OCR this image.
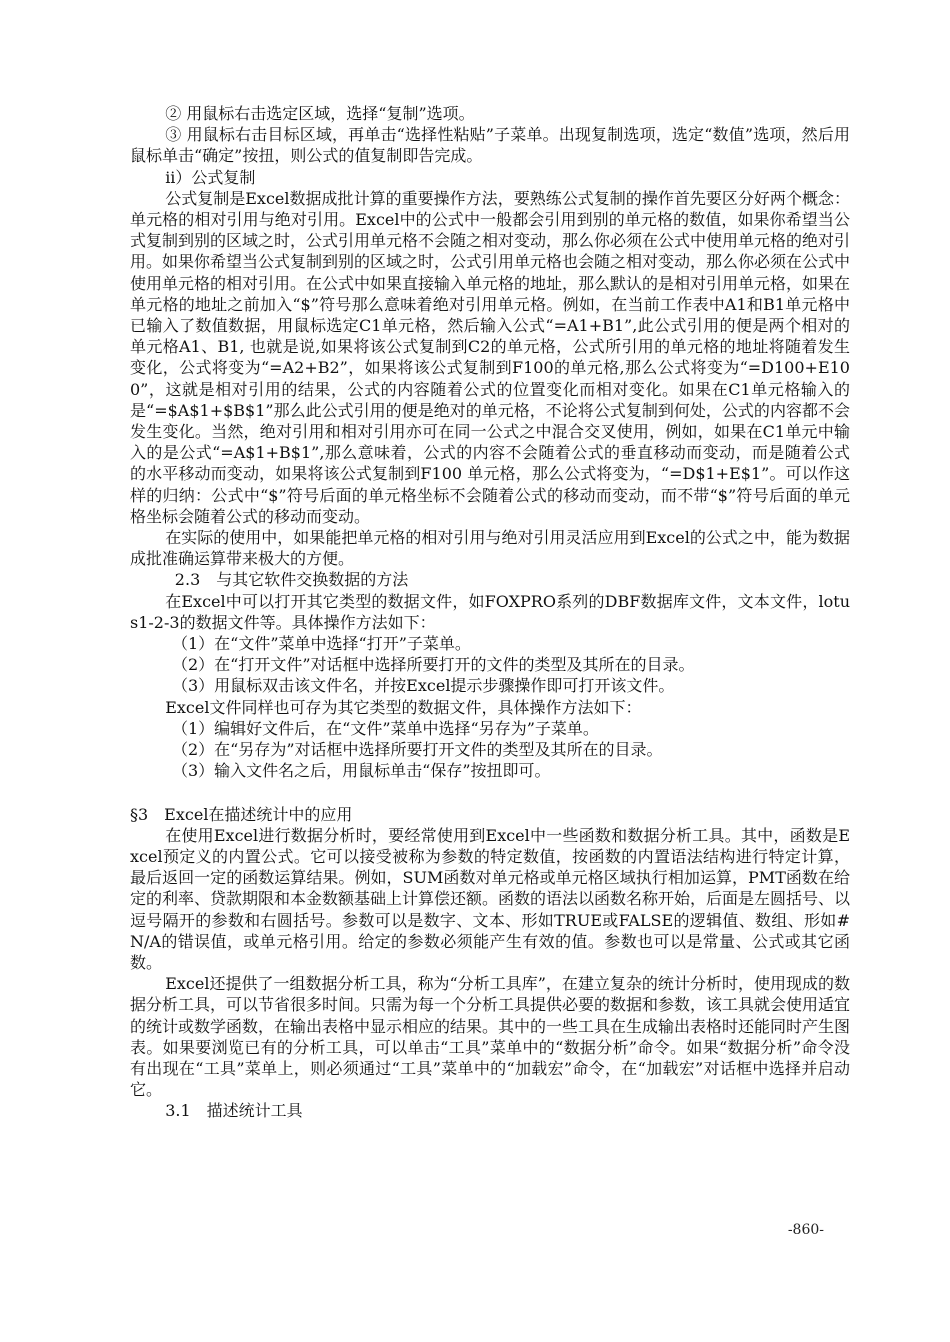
② 用鼠标右击选定区域，选择“复制”选项。

③ 用鼠标右击目标区域，再单击“选择性粘贴”子菜单。出现复制选项，选定“数值”选项，然后用鼠标单击“确定”按扭，则公式的值复制即告完成。

ii）公式复制

公式复制是Excel数据成批计算的重要操作方法，要熟练公式复制的操作首先要区分好两个概念：单元格的相对引用与绝对引用。Excel中的公式中一般都会引用到别的单元格的数值，如果你希望当公式复制到别的区域之时，公式引用单元格不会随之相对变动，那么你必须在公式中使用单元格的绝对引用。如果你希望当公式复制到别的区域之时，公式引用单元格也会随之相对变动，那么你必须在公式中使用单元格的相对引用。在公式中如果直接输入单元格的地址，那么默认的是相对引用单元格，如果在单元格的地址之前加入“$”符号那么意味着绝对引用单元格。例如，在当前工作表中A1和B1单元格中已输入了数值数据，用鼠标选定C1单元格，然后输入公式“=A1+B1”,此公式引用的便是两个相对的单元格A1、B1, 也就是说,如果将该公式复制到C2的单元格，公式所引用的单元格的地址将随着发生变化，公式将变为“=A2+B2”，如果将该公式复制到F100的单元格,那么公式将变为“=D100+E100”，这就是相对引用的结果，公式的内容随着公式的位置变化而相对变化。如果在C1单元格输入的是“=$A$1+$B$1”那么此公式引用的便是绝对的单元格，不论将公式复制到何处，公式的内容都不会发生变化。当然，绝对引用和相对引用亦可在同一公式之中混合交叉使用，例如，如果在C1单元中输入的是公式“=A$1+B$1”,那么意味着，公式的内容不会随着公式的垂直移动而变动，而是随着公式的水平移动而变动，如果将该公式复制到F100 单元格，那么公式将变为，“=D$1+E$1”。可以作这样的归纳：公式中“$”符号后面的单元格坐标不会随着公式的移动而变动，而不带“$”符号后面的单元格坐标会随着公式的移动而变动。

在实际的使用中，如果能把单元格的相对引用与绝对引用灵活应用到Excel的公式之中，能为数据成批准确运算带来极大的方便。

2.3　与其它软件交换数据的方法

在Excel中可以打开其它类型的数据文件，如FOXPRO系列的DBF数据库文件，文本文件，lotus1-2-3的数据文件等。具体操作方法如下：

（1）在“文件”菜单中选择“打开”子菜单。

（2）在“打开文件”对话框中选择所要打开的文件的类型及其所在的目录。

（3）用鼠标双击该文件名，并按Excel提示步骤操作即可打开该文件。

Excel文件同样也可存为其它类型的数据文件，具体操作方法如下：

（1）编辑好文件后，在“文件”菜单中选择“另存为”子菜单。

（2）在“另存为”对话框中选择所要打开文件的类型及其所在的目录。

（3）输入文件名之后，用鼠标单击“保存”按扭即可。

§3　Excel在描述统计中的应用

在使用Excel进行数据分析时，要经常使用到Excel中一些函数和数据分析工具。其中，函数是Excel预定义的内置公式。它可以接受被称为参数的特定数值，按函数的内置语法结构进行特定计算，最后返回一定的函数运算结果。例如，SUM函数对单元格或单元格区域执行相加运算，PMT函数在给定的利率、贷款期限和本金数额基础上计算偿还额。函数的语法以函数名称开始，后面是左圆括号、以逗号隔开的参数和右圆括号。参数可以是数字、文本、形如TRUE或FALSE的逻辑值、数组、形如#N/A的错误值，或单元格引用。给定的参数必须能产生有效的值。参数也可以是常量、公式或其它函数。

Excel还提供了一组数据分析工具，称为“分析工具库”，在建立复杂的统计分析时，使用现成的数据分析工具，可以节省很多时间。只需为每一个分析工具提供必要的数据和参数，该工具就会使用适宜的统计或数学函数，在输出表格中显示相应的结果。其中的一些工具在生成输出表格时还能同时产生图表。如果要浏览已有的分析工具，可以单击“工具”菜单中的“数据分析”命令。如果“数据分析”命令没有出现在“工具”菜单上，则必须通过“工具”菜单中的“加载宏”命令，在“加载宏”对话框中选择并启动它。

3.1　描述统计工具

-860-
